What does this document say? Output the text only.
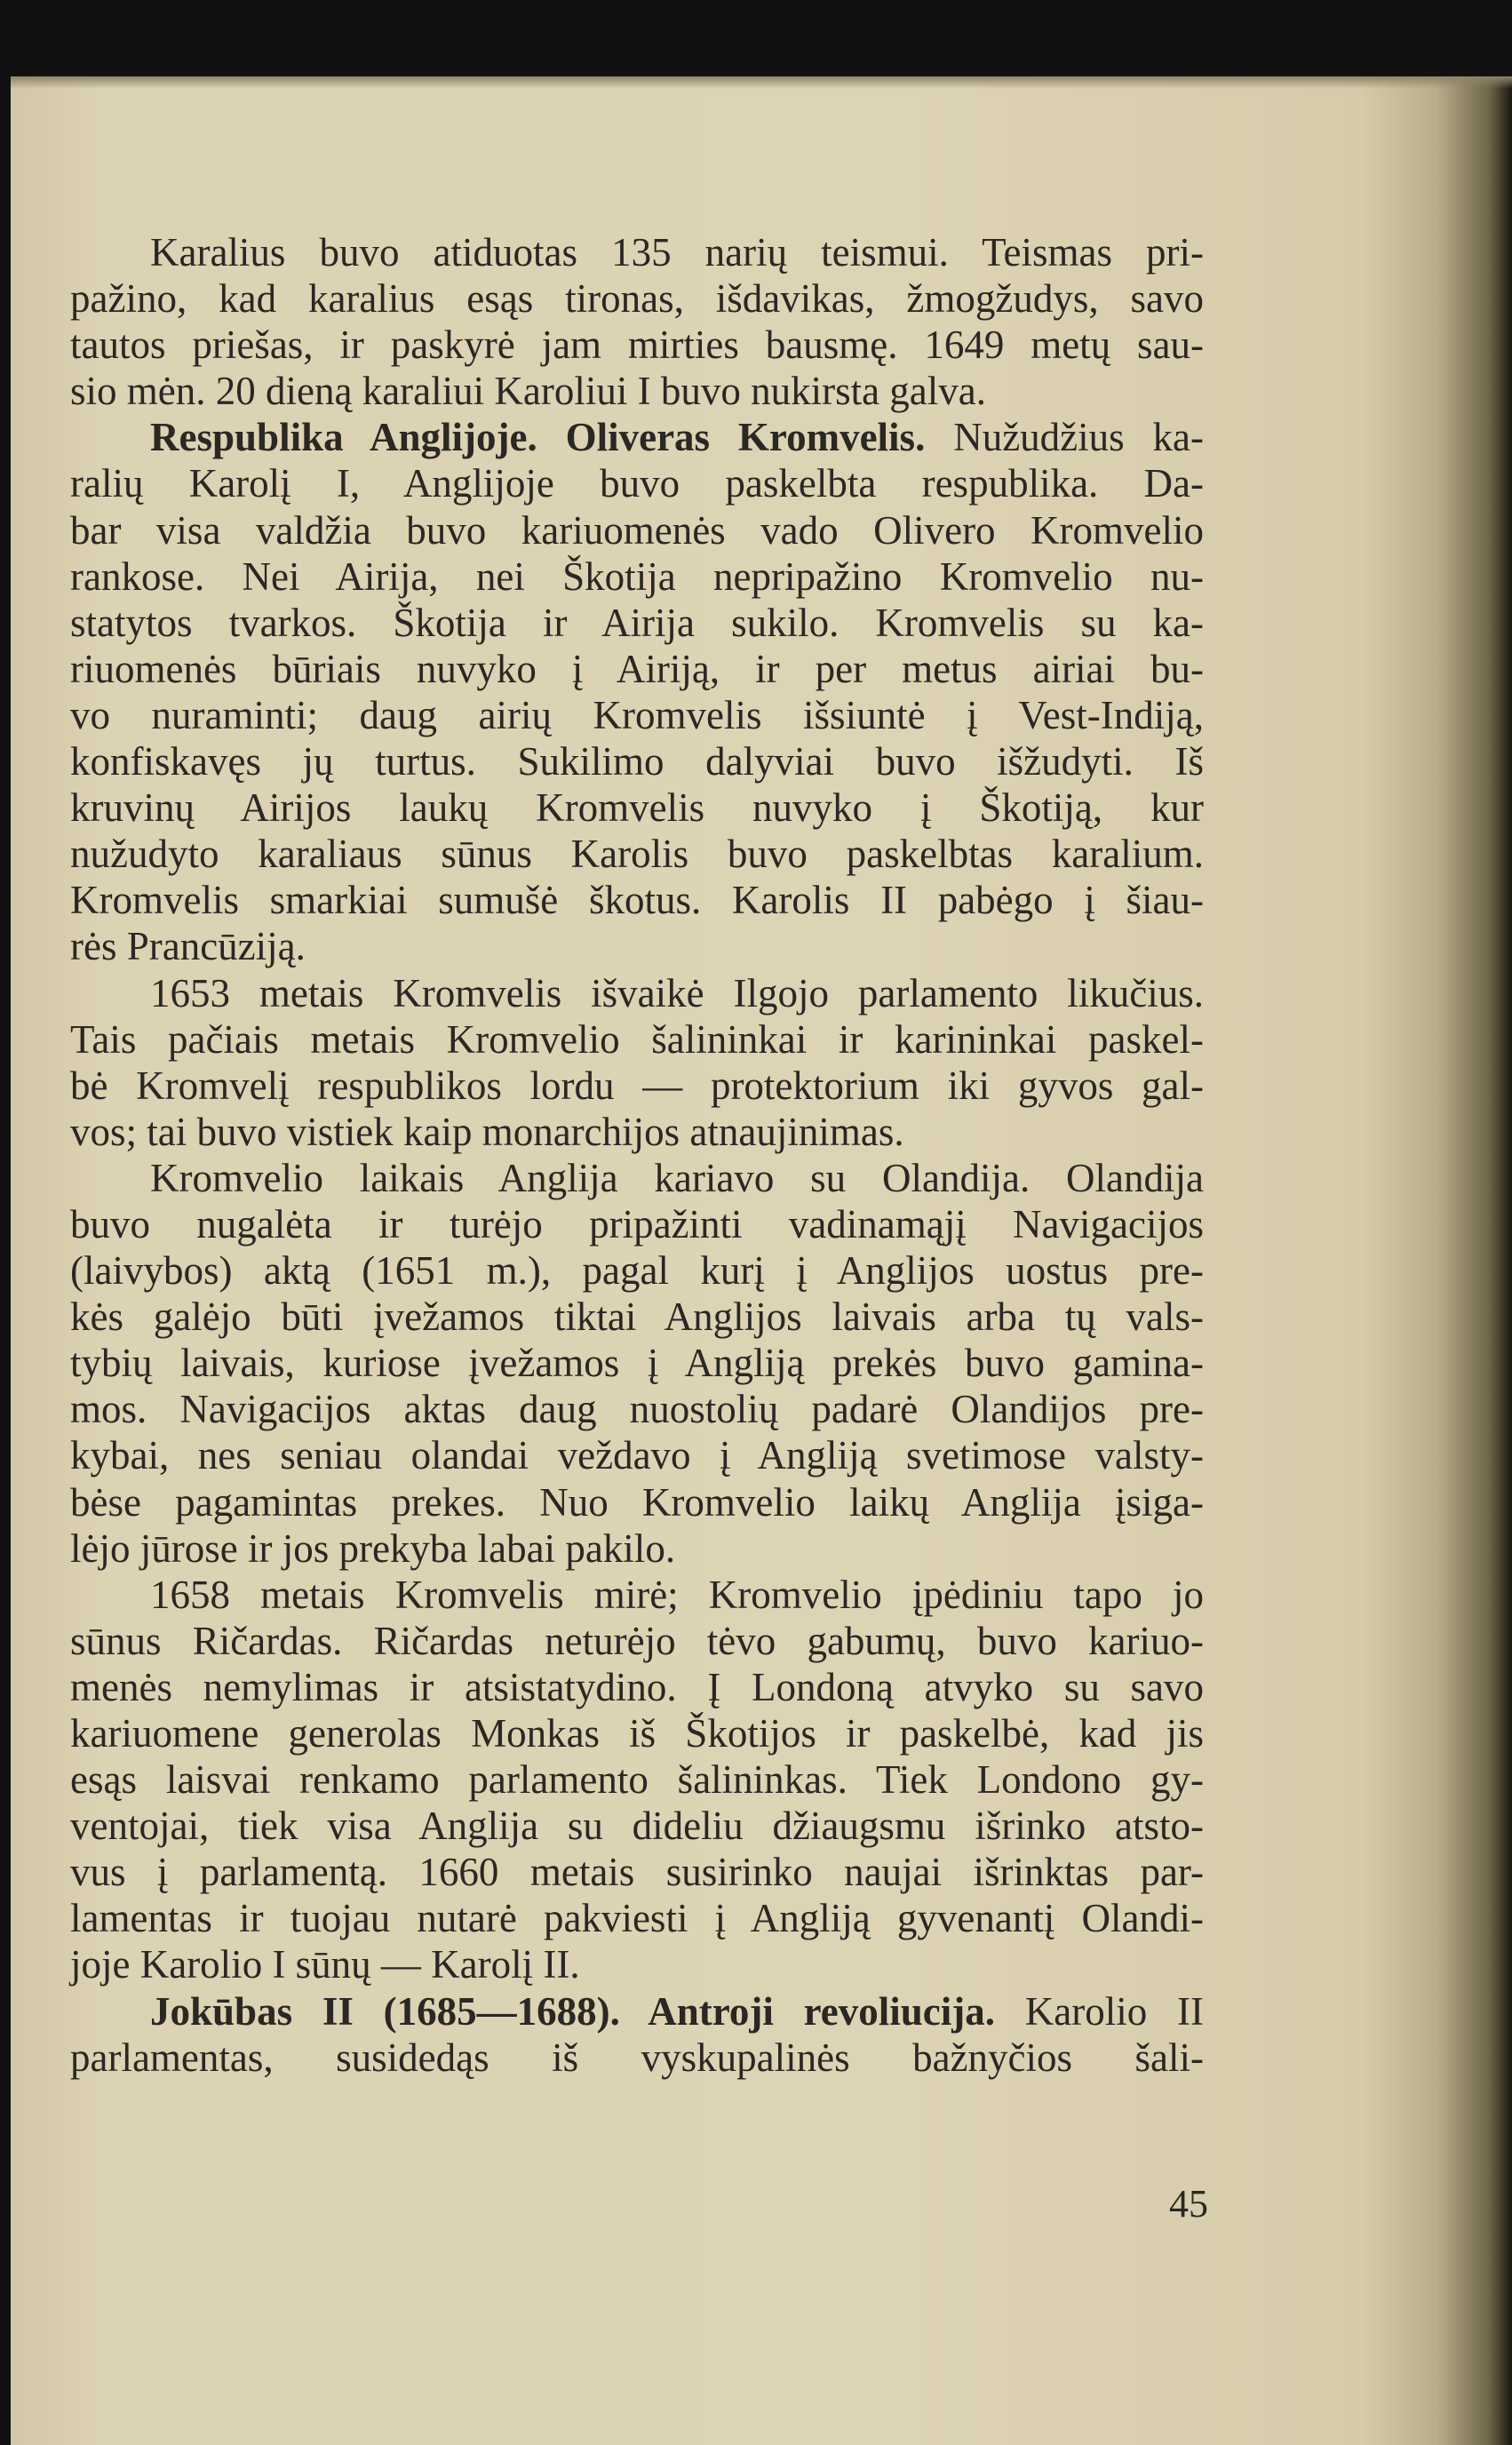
Karalius buvo atiduotas 135 narių teismui. Teismas pri-
pažino, kad karalius esąs tironas, išdavikas, žmogžudys, savo
tautos priešas, ir paskyrė jam mirties bausmę. 1649 metų sau-
sio mėn. 20 dieną karaliui Karoliui I buvo nukirsta galva.
Respublika Anglijoje. Oliveras Kromvelis. Nužudžius ka-
ralių Karolį I, Anglijoje buvo paskelbta respublika. Da-
bar visa valdžia buvo kariuomenės vado Olivero Kromvelio
rankose. Nei Airija, nei Škotija nepripažino Kromvelio nu-
statytos tvarkos. Škotija ir Airija sukilo. Kromvelis su ka-
riuomenės būriais nuvyko į Airiją, ir per metus airiai bu-
vo nuraminti; daug airių Kromvelis išsiuntė į Vest-Indiją,
konfiskavęs jų turtus. Sukilimo dalyviai buvo išžudyti. Iš
kruvinų Airijos laukų Kromvelis nuvyko į Škotiją, kur
nužudyto karaliaus sūnus Karolis buvo paskelbtas karalium.
Kromvelis smarkiai sumušė škotus. Karolis II pabėgo į šiau-
rės Prancūziją.
1653 metais Kromvelis išvaikė Ilgojo parlamento likučius.
Tais pačiais metais Kromvelio šalininkai ir karininkai paskel-
bė Kromvelį respublikos lordu — protektorium iki gyvos gal-
vos; tai buvo vistiek kaip monarchijos atnaujinimas.
Kromvelio laikais Anglija kariavo su Olandija. Olandija
buvo nugalėta ir turėjo pripažinti vadinamąjį Navigacijos
(laivybos) aktą (1651 m.), pagal kurį į Anglijos uostus pre-
kės galėjo būti įvežamos tiktai Anglijos laivais arba tų vals-
tybių laivais, kuriose įvežamos į Angliją prekės buvo gamina-
mos. Navigacijos aktas daug nuostolių padarė Olandijos pre-
kybai, nes seniau olandai veždavo į Angliją svetimose valsty-
bėse pagamintas prekes. Nuo Kromvelio laikų Anglija įsiga-
lėjo jūrose ir jos prekyba labai pakilo.
1658 metais Kromvelis mirė; Kromvelio įpėdiniu tapo jo
sūnus Ričardas. Ričardas neturėjo tėvo gabumų, buvo kariuo-
menės nemylimas ir atsistatydino. Į Londoną atvyko su savo
kariuomene generolas Monkas iš Škotijos ir paskelbė, kad jis
esąs laisvai renkamo parlamento šalininkas. Tiek Londono gy-
ventojai, tiek visa Anglija su dideliu džiaugsmu išrinko atsto-
vus į parlamentą. 1660 metais susirinko naujai išrinktas par-
lamentas ir tuojau nutarė pakviesti į Angliją gyvenantį Olandi-
joje Karolio I sūnų — Karolį II.
Jokūbas II (1685—1688). Antroji revoliucija. Karolio II
parlamentas, susidedąs iš vyskupalinės bažnyčios šali-
45
